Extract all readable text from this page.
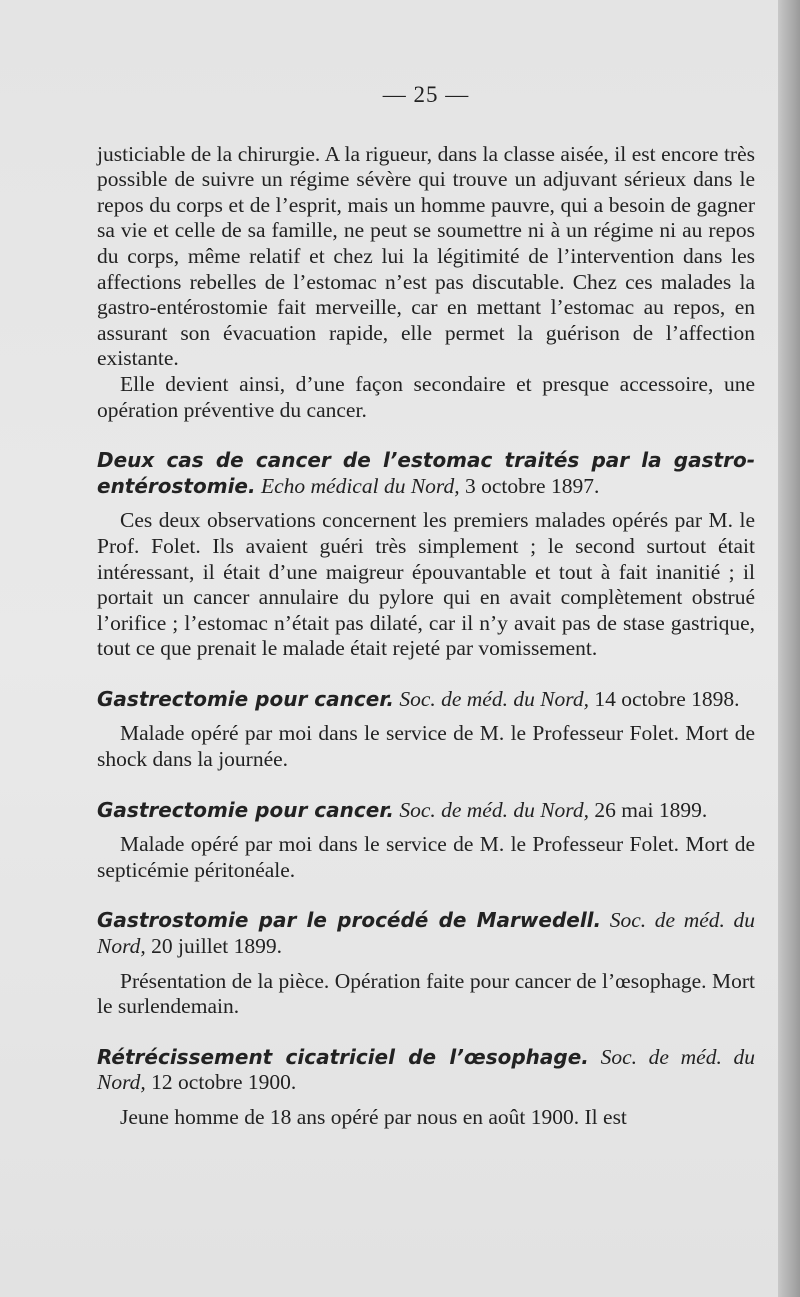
— 25 —

justiciable de la chirurgie. A la rigueur, dans la classe aisée, il est encore très possible de suivre un régime sévère qui trouve un adjuvant sérieux dans le repos du corps et de l’esprit, mais un homme pauvre, qui a besoin de gagner sa vie et celle de sa famille, ne peut se soumettre ni à un régime ni au repos du corps, même relatif et chez lui la légitimité de l’intervention dans les affections rebelles de l’estomac n’est pas discutable. Chez ces malades la gastro-entérostomie fait merveille, car en mettant l’estomac au repos, en assurant son évacuation rapide, elle permet la guérison de l’affection existante.

Elle devient ainsi, d’une façon secondaire et presque accessoire, une opération préventive du cancer.

Deux cas de cancer de l’estomac traités par la gastro-entérostomie. Echo médical du Nord, 3 octobre 1897.

Ces deux observations concernent les premiers malades opérés par M. le Prof. Folet. Ils avaient guéri très simplement ; le second surtout était intéressant, il était d’une maigreur épouvantable et tout à fait inanitié ; il portait un cancer annulaire du pylore qui en avait complètement obstrué l’orifice ; l’estomac n’était pas dilaté, car il n’y avait pas de stase gastrique, tout ce que prenait le malade était rejeté par vomissement.

Gastrectomie pour cancer. Soc. de méd. du Nord, 14 octobre 1898.

Malade opéré par moi dans le service de M. le Professeur Folet. Mort de shock dans la journée.

Gastrectomie pour cancer. Soc. de méd. du Nord, 26 mai 1899.

Malade opéré par moi dans le service de M. le Professeur Folet. Mort de septicémie péritonéale.

Gastrostomie par le procédé de Marwedell. Soc. de méd. du Nord, 20 juillet 1899.

Présentation de la pièce. Opération faite pour cancer de l’œsophage. Mort le surlendemain.

Rétrécissement cicatriciel de l’œsophage. Soc. de méd. du Nord, 12 octobre 1900.

Jeune homme de 18 ans opéré par nous en août 1900. Il est
